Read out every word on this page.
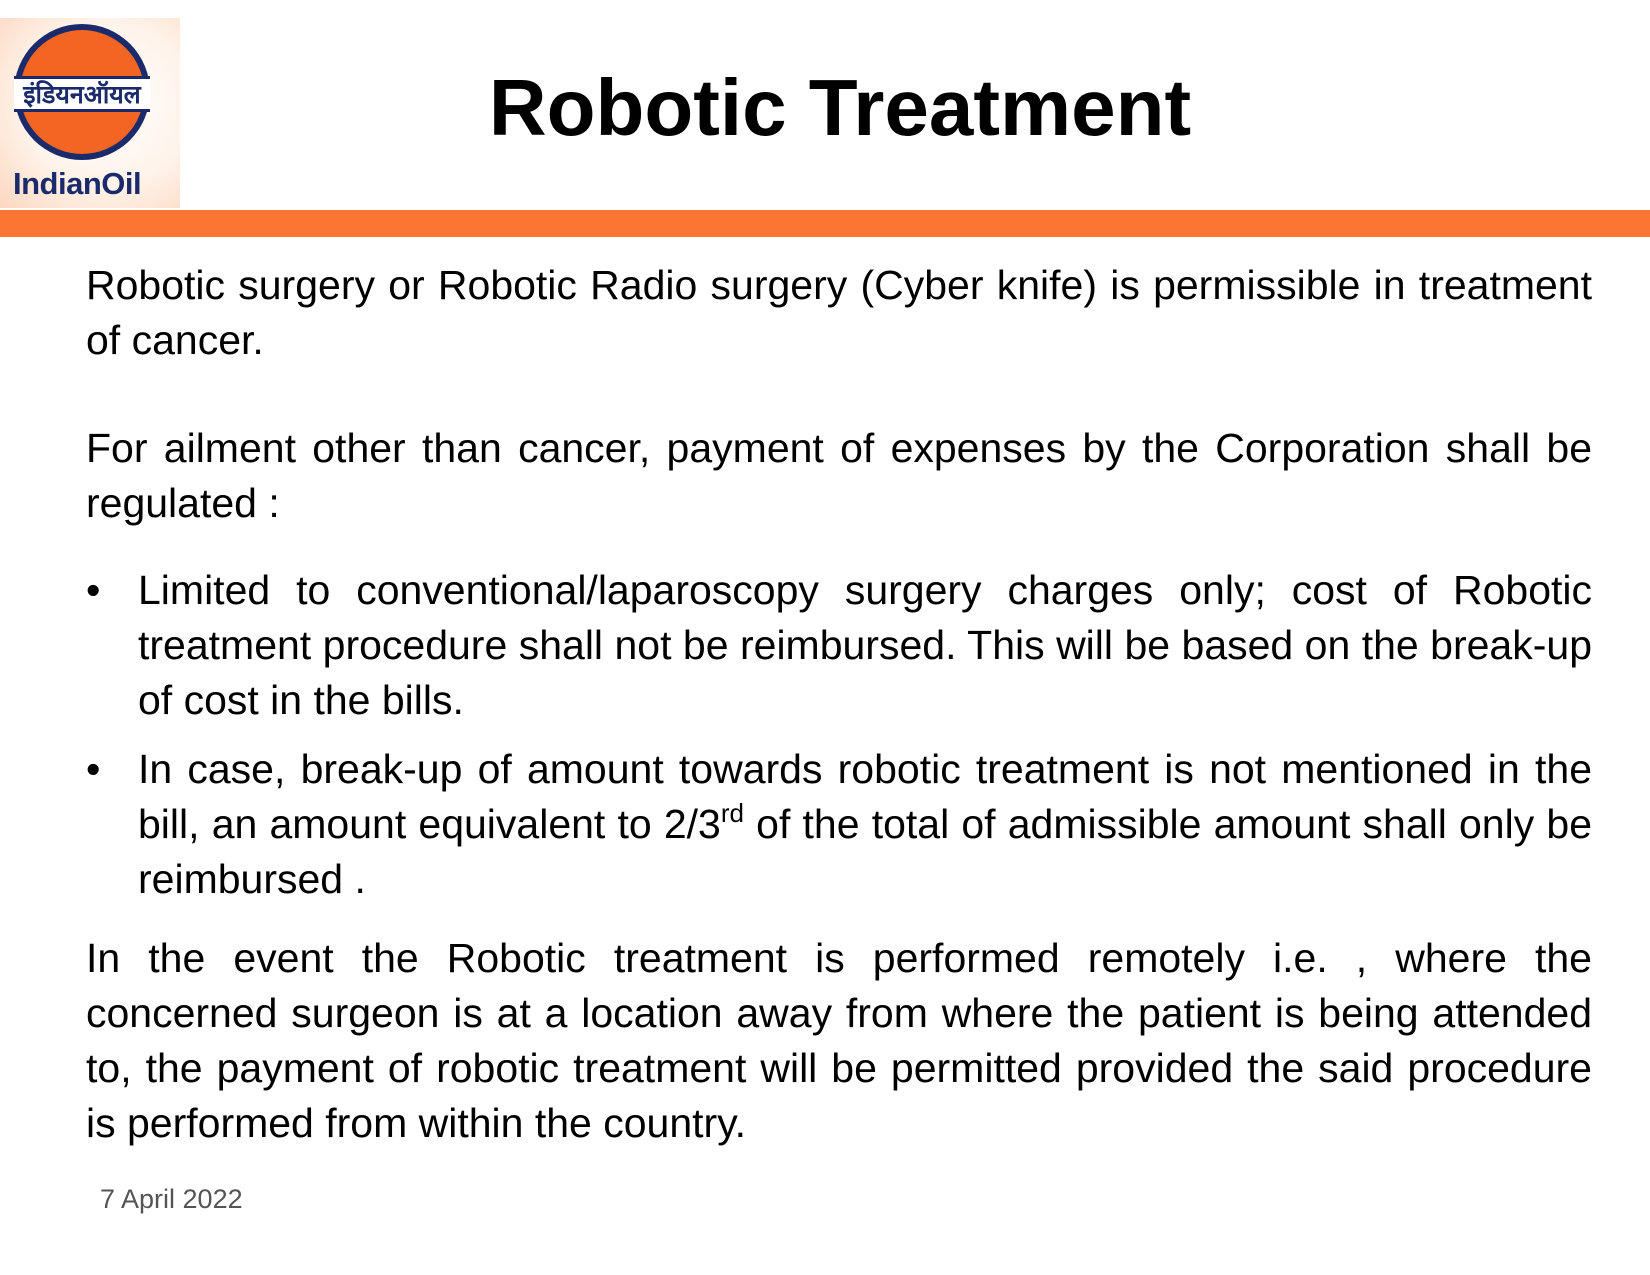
इंडियनऑयल
IndianOil
Robotic Treatment

Robotic surgery or Robotic Radio surgery (Cyber knife) is permissible in treatment of cancer.

For ailment other than cancer, payment of expenses by the Corporation shall be regulated :

• Limited to conventional/laparoscopy surgery charges only; cost of Robotic treatment procedure shall not be reimbursed. This will be based on the break-up of cost in the bills.
• In case, break-up of amount towards robotic treatment is not mentioned in the bill, an amount equivalent to 2/3rd of the total of admissible amount shall only be reimbursed .

In the event the Robotic treatment is performed remotely i.e. , where the concerned surgeon is at a location away from where the patient is being attended to, the payment of robotic treatment will be permitted provided the said procedure is performed from within the country.

7 April 2022
